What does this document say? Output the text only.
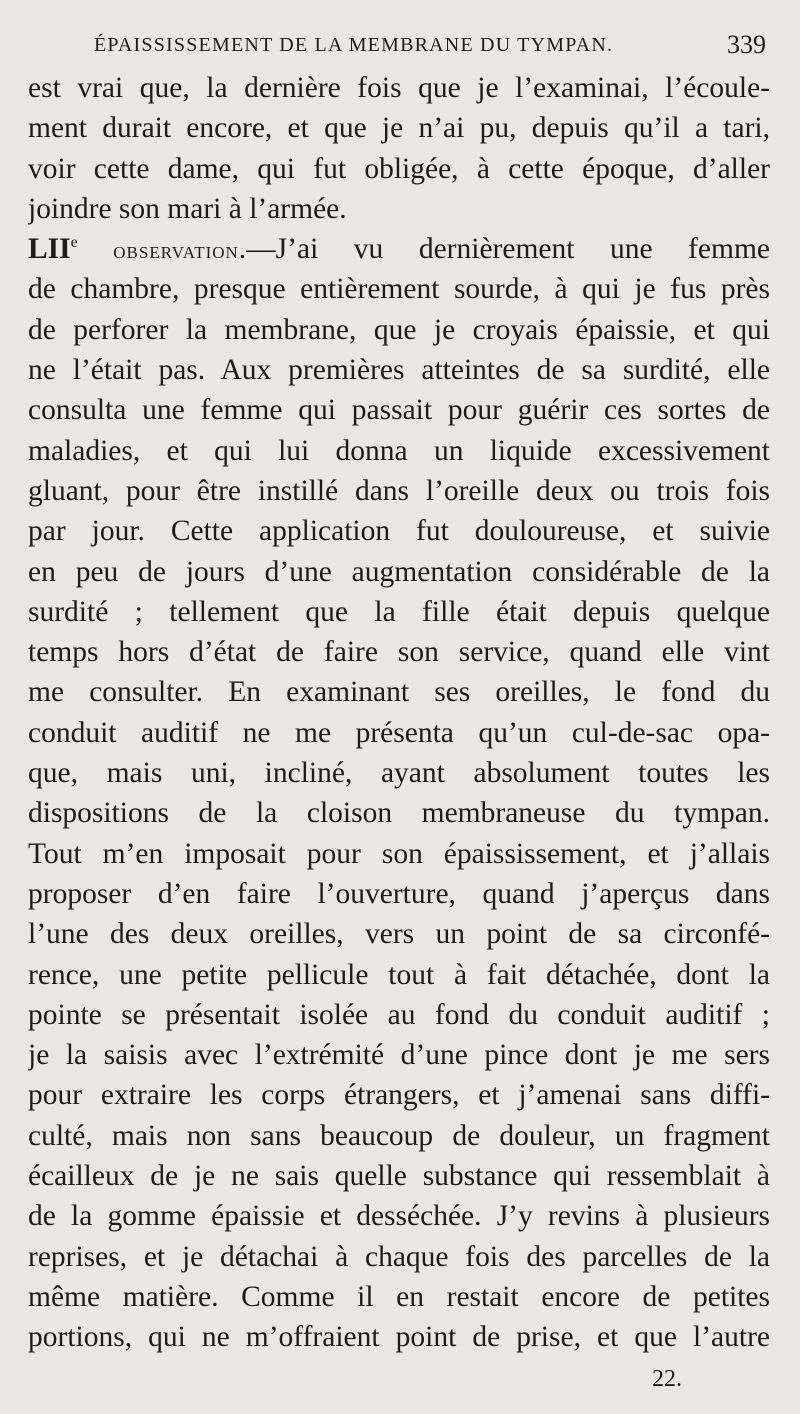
ÉPAISSISSEMENT DE LA MEMBRANE DU TYMPAN.	339
est vrai que, la dernière fois que je l’examinai, l’écoule-
ment durait encore, et que je n’ai pu, depuis qu’il a tari,
voir cette dame, qui fut obligée, à cette époque, d’aller
joindre son mari à l’armée.
LIIe observation.—J’ai vu dernièrement une femme
de chambre, presque entièrement sourde, à qui je fus près
de perforer la membrane, que je croyais épaissie, et qui
ne l’était pas. Aux premières atteintes de sa surdité, elle
consulta une femme qui passait pour guérir ces sortes de
maladies, et qui lui donna un liquide excessivement
gluant, pour être instillé dans l’oreille deux ou trois fois
par jour. Cette application fut douloureuse, et suivie
en peu de jours d’une augmentation considérable de la
surdité ; tellement que la fille était depuis quelque
temps hors d’état de faire son service, quand elle vint
me consulter. En examinant ses oreilles, le fond du
conduit auditif ne me présenta qu’un cul-de-sac opa-
que, mais uni, incliné, ayant absolument toutes les
dispositions de la cloison membraneuse du tympan.
Tout m’en imposait pour son épaississement, et j’allais
proposer d’en faire l’ouverture, quand j’aperçus dans
l’une des deux oreilles, vers un point de sa circonfé-
rence, une petite pellicule tout à fait détachée, dont la
pointe se présentait isolée au fond du conduit auditif ;
je la saisis avec l’extrémité d’une pince dont je me sers
pour extraire les corps étrangers, et j’amenai sans diffi-
culté, mais non sans beaucoup de douleur, un fragment
écailleux de je ne sais quelle substance qui ressemblait à
de la gomme épaissie et desséchée. J’y revins à plusieurs
reprises, et je détachai à chaque fois des parcelles de la
même matière. Comme il en restait encore de petites
portions, qui ne m’offraient point de prise, et que l’autre
22.
